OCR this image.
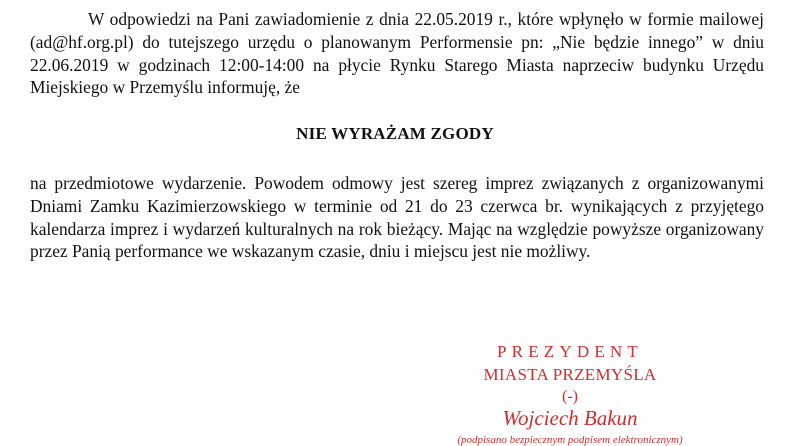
W odpowiedzi na Pani zawiadomienie z dnia 22.05.2019 r., które wpłynęło w formie mailowej (ad@hf.org.pl) do tutejszego urzędu o planowanym Performensie pn: „Nie będzie innego” w dniu 22.06.2019 w godzinach 12:00-14:00 na płycie Rynku Starego Miasta naprzeciw budynku Urzędu Miejskiego w Przemyślu informuję, że

NIE WYRAŻAM ZGODY

na przedmiotowe wydarzenie. Powodem odmowy jest szereg imprez związanych z organizowanymi Dniami Zamku Kazimierzowskiego w terminie od 21 do 23 czerwca br. wynikających z przyjętego kalendarza imprez i wydarzeń kulturalnych na rok bieżący. Mając na względzie powyższe organizowany przez Panią performance we wskazanym czasie, dniu i miejscu jest nie możliwy.

PREZYDENT
MIASTA PRZEMYŚLA
(-)
Wojciech Bakun
(podpisano bezpiecznym podpisem elektronicznym)
